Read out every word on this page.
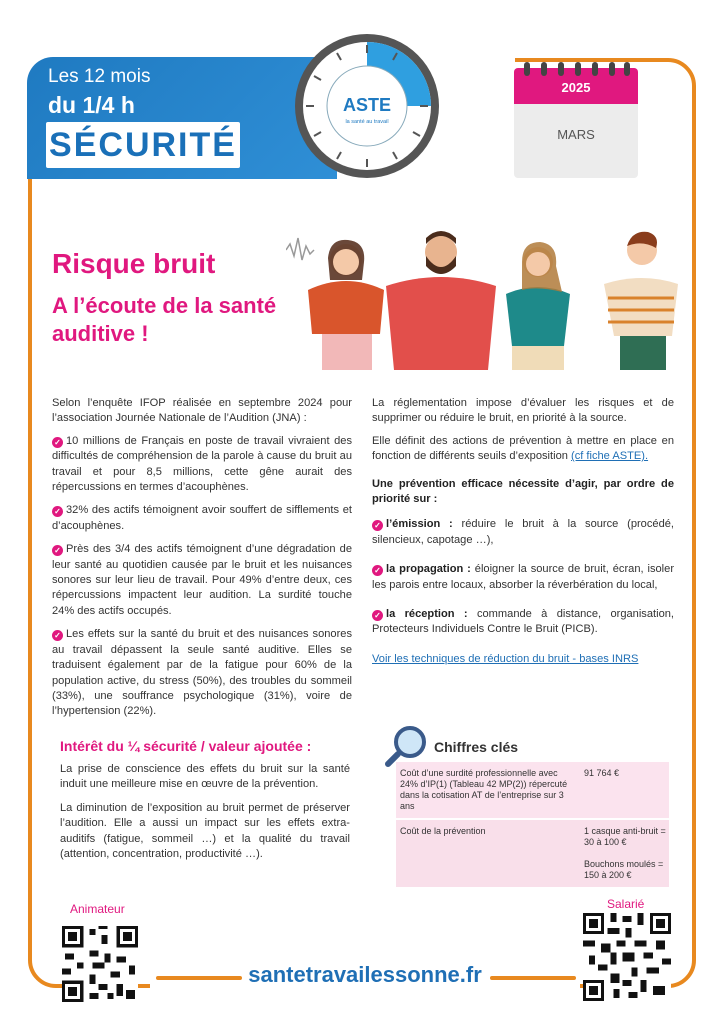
Les 12 mois
du 1/4 h
SÉCURITÉ
ASTE
la santé au travail
2025
MARS
Risque bruit
A l’écoute de la santé auditive !

Selon l’enquête IFOP réalisée en septembre 2024 pour l’association Journée Nationale de l’Audition (JNA) :

✓ 10 millions de Français en poste de travail vivraient des difficultés de compréhension de la parole à cause du bruit au travail et pour 8,5 millions, cette gêne aurait des répercussions en termes d’acouphènes.
✓ 32% des actifs témoignent avoir souffert de sifflements et d’acouphènes.
✓ Près des 3/4 des actifs témoignent d’une dégradation de leur santé au quotidien causée par le bruit et les nuisances sonores sur leur lieu de travail. Pour 49% d’entre deux, ces répercussions impactent leur audition. La surdité touche 24% des actifs occupés.
✓ Les effets sur la santé du bruit et des nuisances sonores au travail dépassent la seule santé auditive. Elles se traduisent également par de la fatigue pour 60% de la population active, du stress (50%), des troubles du sommeil (33%), une souffrance psychologique (31%), voire de l’hypertension (22%).

La réglementation impose d’évaluer les risques et de supprimer ou réduire le bruit, en priorité à la source.

Elle définit des actions de prévention à mettre en place en fonction de différents seuils d’exposition (cf fiche ASTE).

Une prévention efficace nécessite d’agir, par ordre de priorité sur :

✓ l’émission : réduire le bruit à la source (procédé, silencieux, capotage …),
✓ la propagation : éloigner la source de bruit, écran, isoler les parois entre locaux, absorber la réverbération du local,
✓ la réception : commande à distance, organisation, Protecteurs Individuels Contre le Bruit (PICB).
Voir les techniques de réduction du bruit - bases INRS
Intérêt du ¼ sécurité / valeur ajoutée :

La prise de conscience des effets du bruit sur la santé induit une meilleure mise en œuvre de la prévention.

La diminution de l’exposition au bruit permet de préserver l’audition. Elle a aussi un impact sur les effets extra-auditifs (fatigue, sommeil …) et la qualité du travail (attention, concentration, productivité …).

Chiffres clés
Coût d’une surdité professionnelle avec 24% d’IP(1) (Tableau 42 MP(2)) répercuté dans la cotisation AT de l’entreprise sur 3 ans
91 764 €
Coût de la prévention	1 casque anti-bruit = 30 à 100 €
Bouchons moulés = 150 à 200 €
Animateur	Salarié
santetravailessonne.fr
